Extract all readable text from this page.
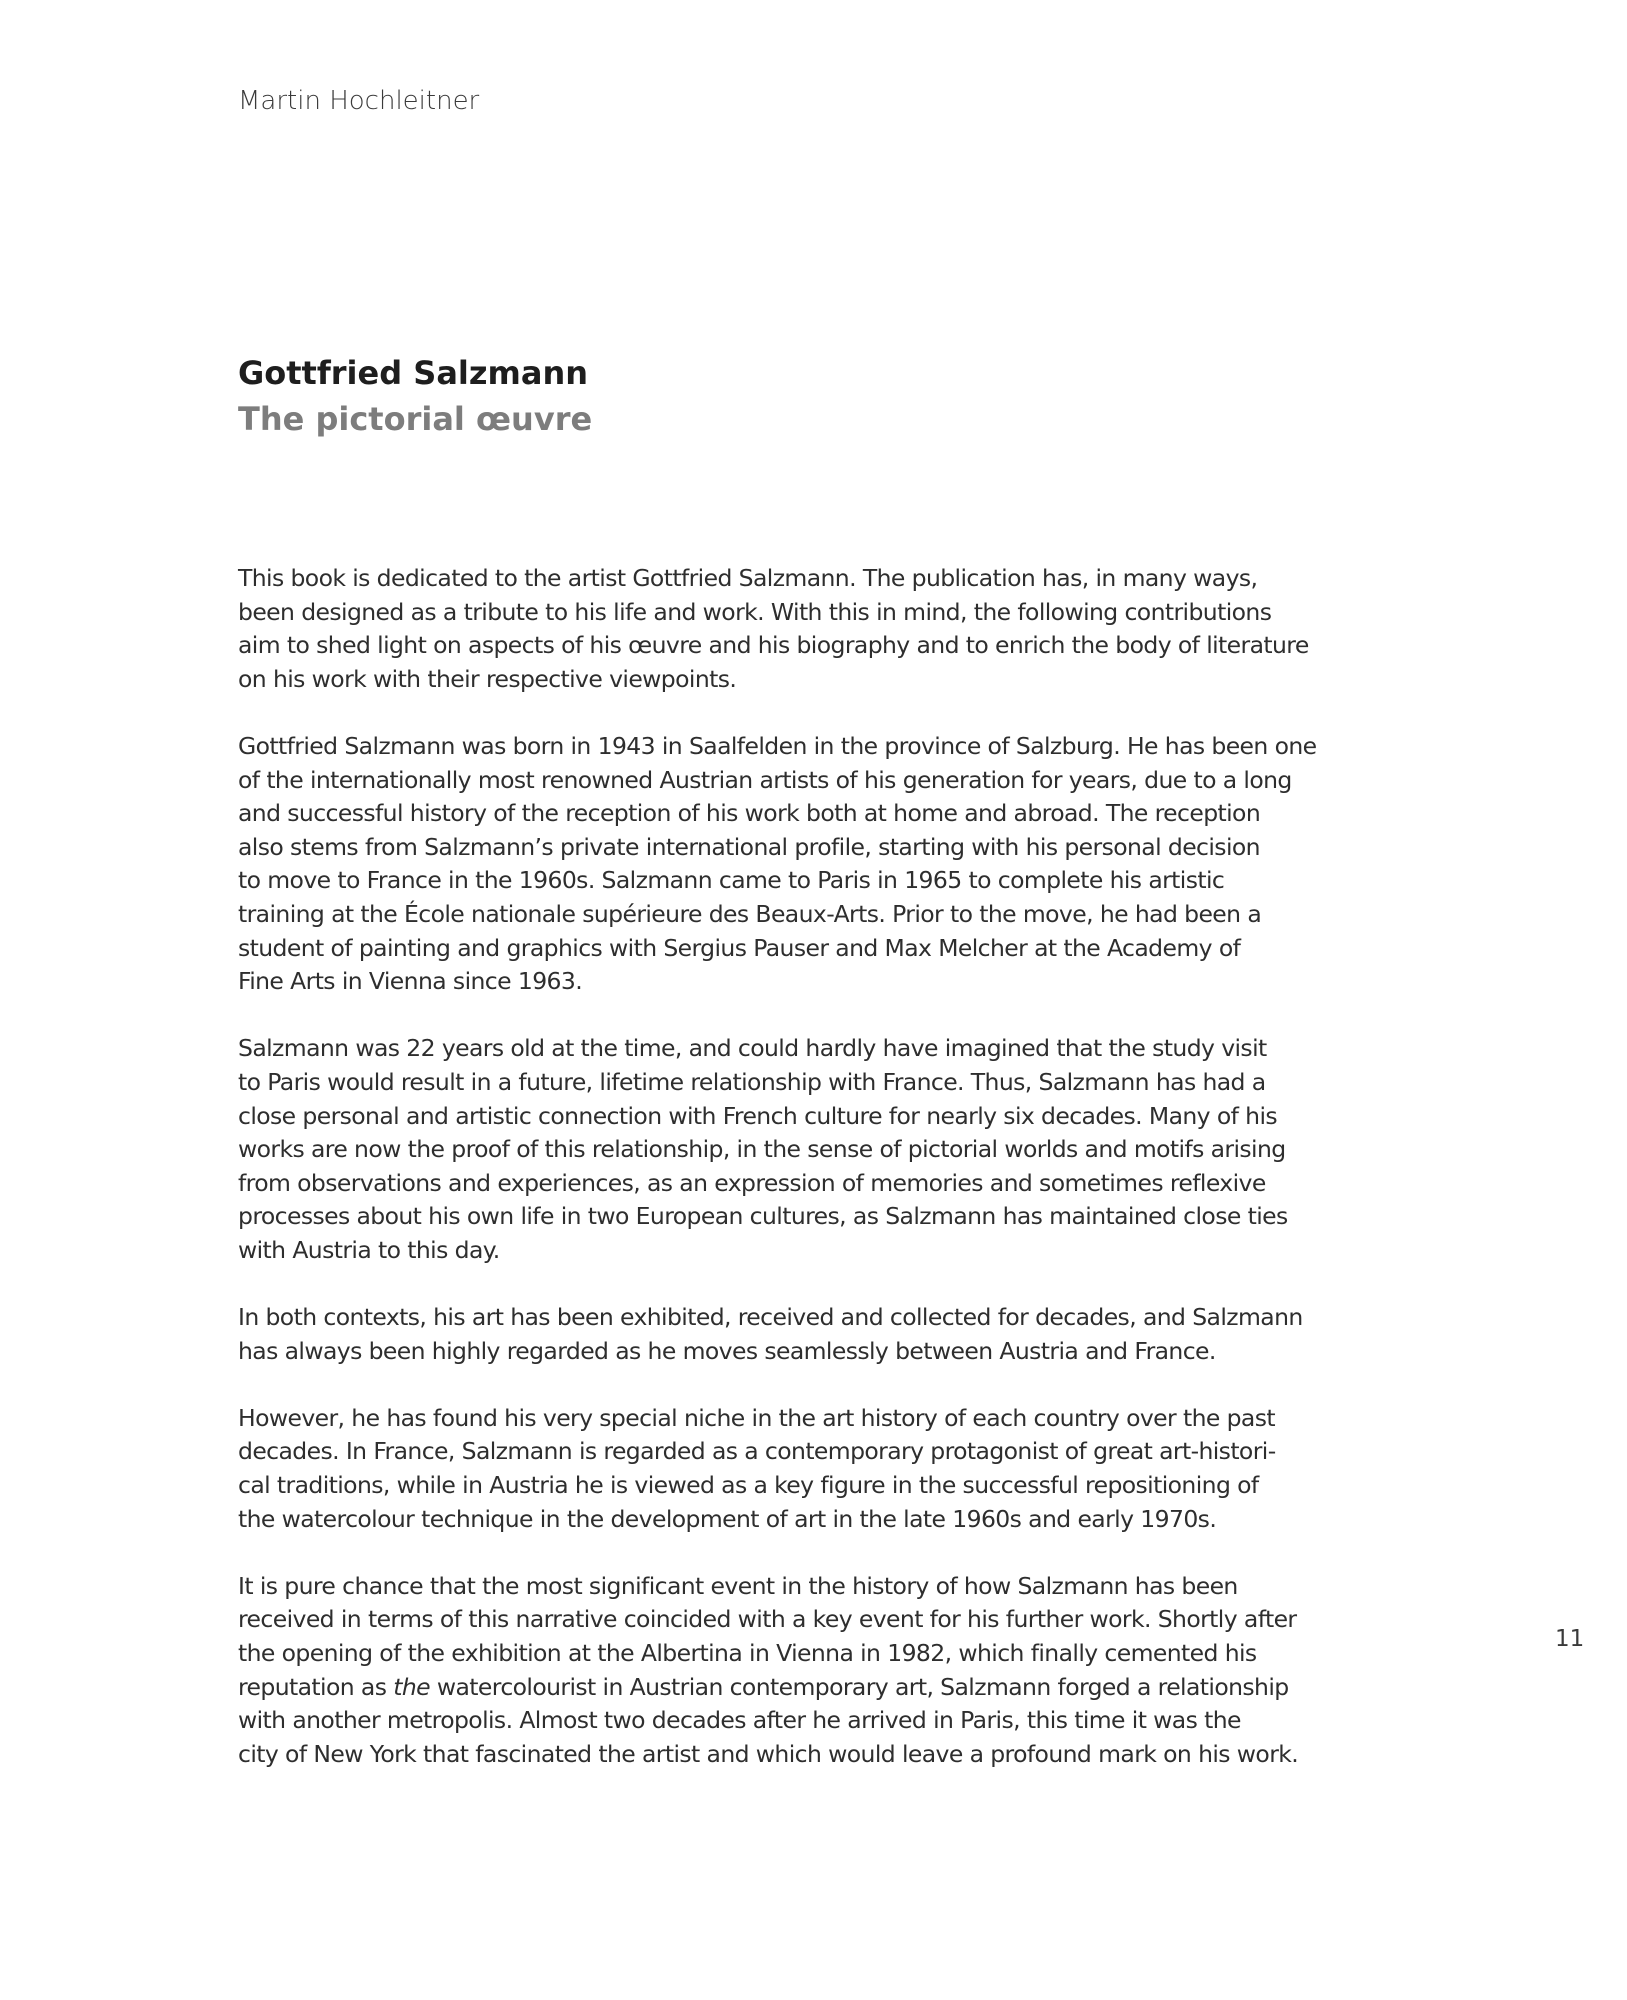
Martin Hochleitner

Gottfried Salzmann
The pictorial œuvre

This book is dedicated to the artist Gottfried Salzmann. The publication has, in many ways,
been designed as a tribute to his life and work. With this in mind, the following contributions
aim to shed light on aspects of his œuvre and his biography and to enrich the body of literature
on his work with their respective viewpoints.

Gottfried Salzmann was born in 1943 in Saalfelden in the province of Salzburg. He has been one
of the internationally most renowned Austrian artists of his generation for years, due to a long
and successful history of the reception of his work both at home and abroad. The reception
also stems from Salzmann’s private international profile, starting with his personal decision
to move to France in the 1960s. Salzmann came to Paris in 1965 to complete his artistic
training at the École nationale supérieure des Beaux-Arts. Prior to the move, he had been a
student of painting and graphics with Sergius Pauser and Max Melcher at the Academy of
Fine Arts in Vienna since 1963.

Salzmann was 22 years old at the time, and could hardly have imagined that the study visit
to Paris would result in a future, lifetime relationship with France. Thus, Salzmann has had a
close personal and artistic connection with French culture for nearly six decades. Many of his
works are now the proof of this relationship, in the sense of pictorial worlds and motifs arising
from observations and experiences, as an expression of memories and sometimes reflexive
processes about his own life in two European cultures, as Salzmann has maintained close ties
with Austria to this day.

In both contexts, his art has been exhibited, received and collected for decades, and Salzmann
has always been highly regarded as he moves seamlessly between Austria and France.

However, he has found his very special niche in the art history of each country over the past
decades. In France, Salzmann is regarded as a contemporary protagonist of great art-histori-
cal traditions, while in Austria he is viewed as a key figure in the successful repositioning of
the watercolour technique in the development of art in the late 1960s and early 1970s.

It is pure chance that the most significant event in the history of how Salzmann has been
received in terms of this narrative coincided with a key event for his further work. Shortly after
the opening of the exhibition at the Albertina in Vienna in 1982, which finally cemented his
reputation as the watercolourist in Austrian contemporary art, Salzmann forged a relationship
with another metropolis. Almost two decades after he arrived in Paris, this time it was the
city of New York that fascinated the artist and which would leave a profound mark on his work.

11
